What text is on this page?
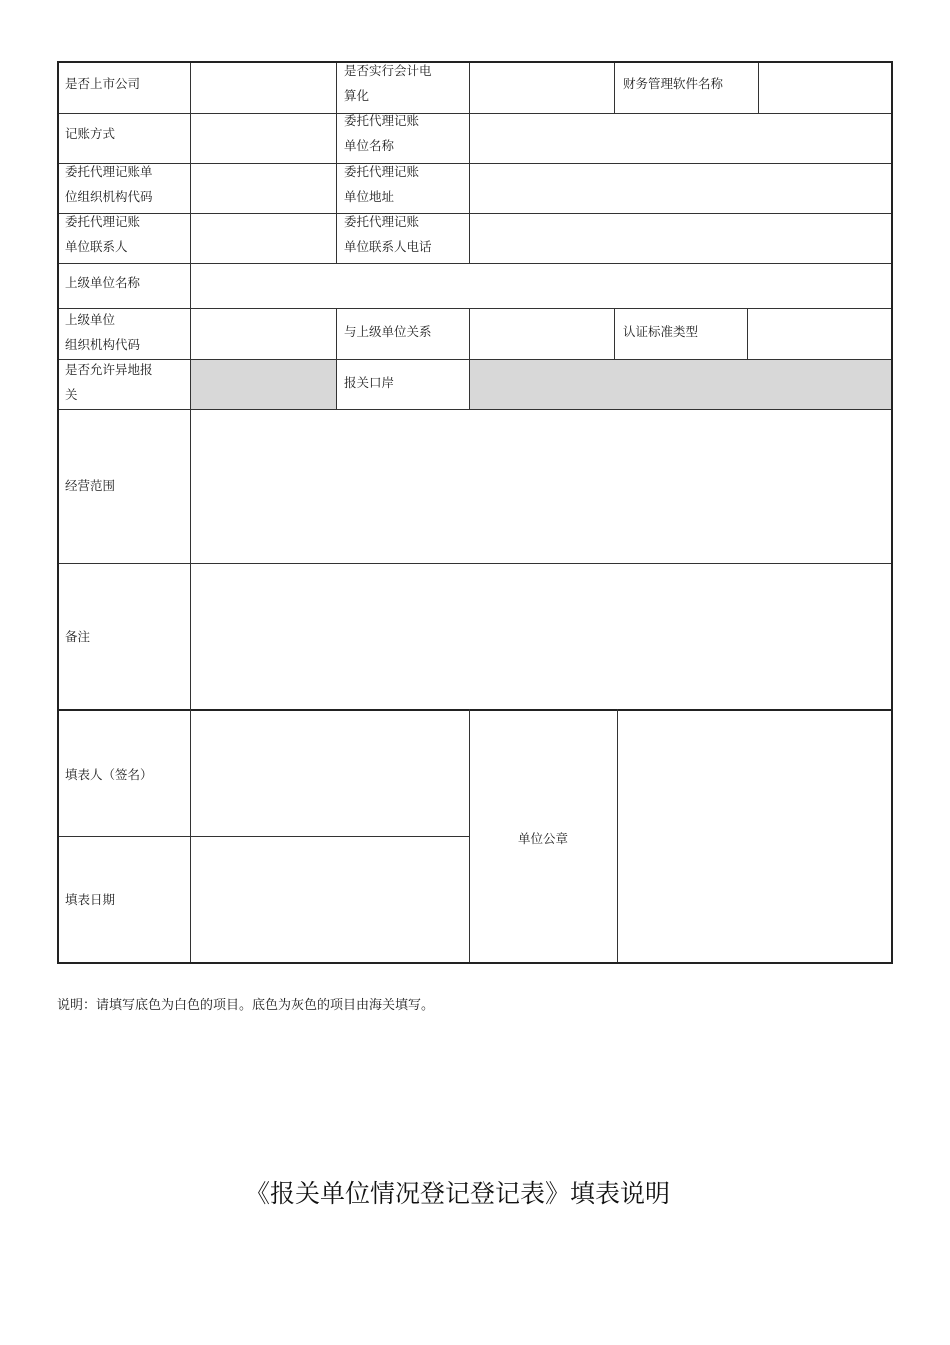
是否上市公司
是否实行会计电
算化
财务管理软件名称
记账方式
委托代理记账
单位名称
委托代理记账单
位组织机构代码
委托代理记账
单位地址
委托代理记账
单位联系人
委托代理记账
单位联系人电话
上级单位名称
上级单位
组织机构代码
与上级单位关系	认证标准类型
是否允许异地报
关
报关口岸
经营范围
备注
填表人（签名）
填表日期
单位公章
说明：请填写底色为白色的项目。底色为灰色的项目由海关填写。
《报关单位情况登记登记表》填表说明
